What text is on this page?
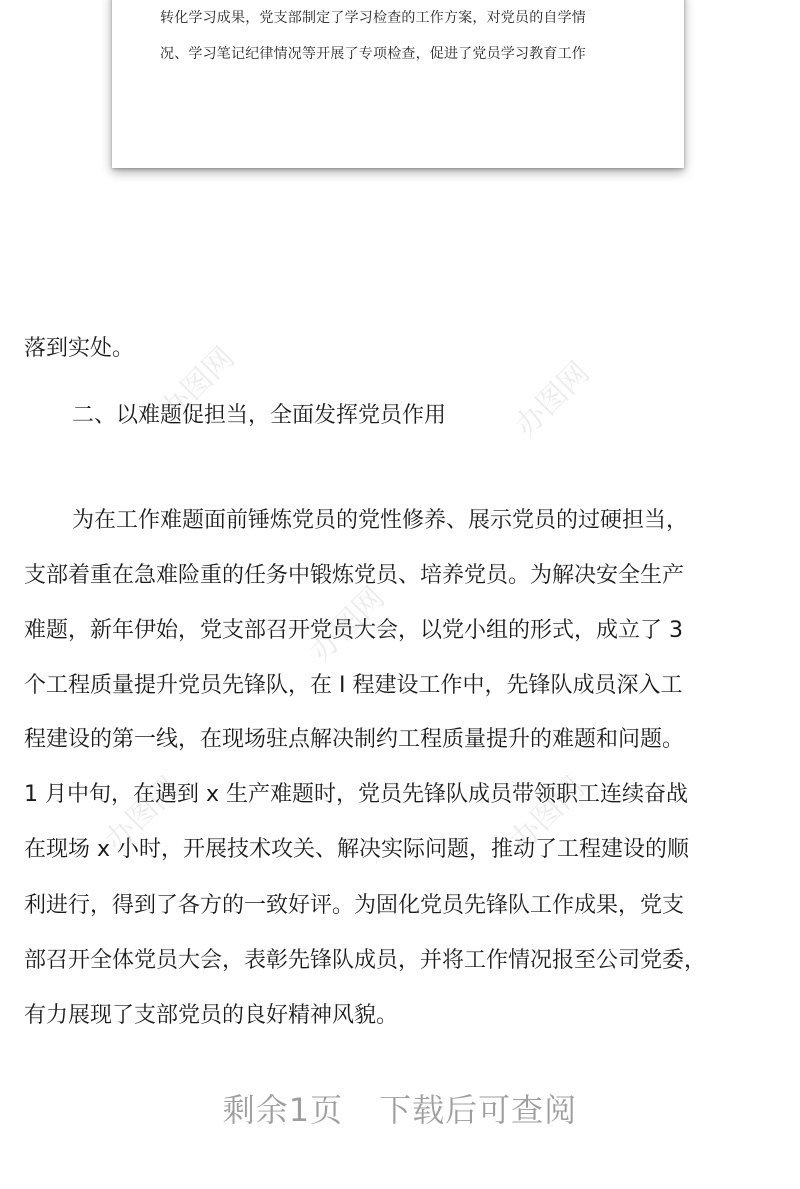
转化学习成果，党支部制定了学习检查的工作方案，对党员的自学情
况、学习笔记纪律情况等开展了专项检查，促进了党员学习教育工作
办图网	办图网
办图网
办图网	办图网
落到实处。
二、以难题促担当，全面发挥党员作用
为在工作难题面前锤炼党员的党性修养、展示党员的过硬担当，
支部着重在急难险重的任务中锻炼党员、培养党员。为解决安全生产
难题，新年伊始，党支部召开党员大会，以党小组的形式，成立了 3
个工程质量提升党员先锋队，在 I 程建设工作中，先锋队成员深入工
程建设的第一线，在现场驻点解决制约工程质量提升的难题和问题。
1 月中旬，在遇到 x 生产难题时，党员先锋队成员带领职工连续奋战
在现场 x 小时，开展技术攻关、解决实际问题，推动了工程建设的顺
利进行，得到了各方的一致好评。为固化党员先锋队工作成果，党支
部召开全体党员大会，表彰先锋队成员，并将工作情况报至公司党委，
有力展现了支部党员的良好精神风貌。
剩余1页 下载后可查阅
